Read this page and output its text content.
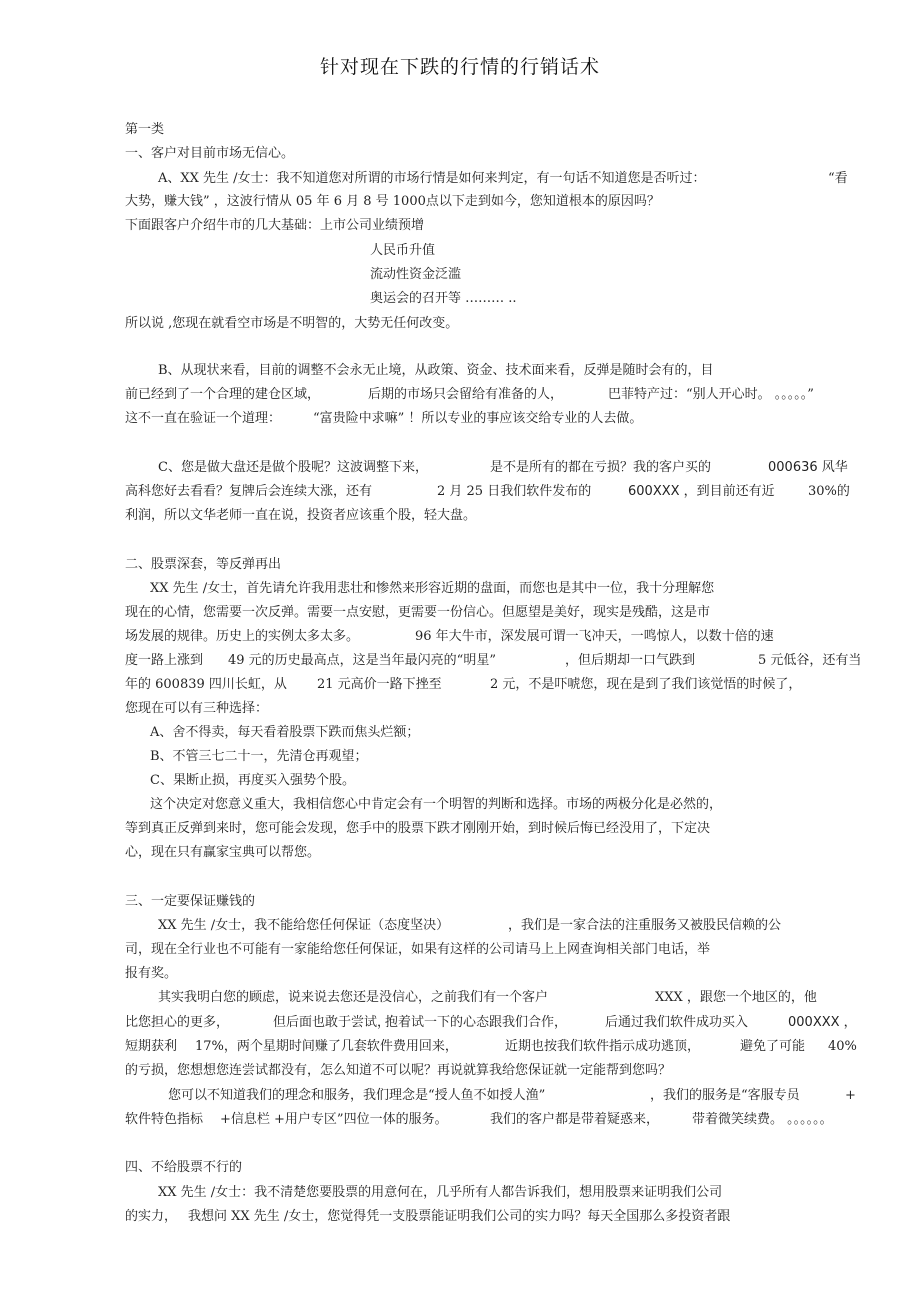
针对现在下跌的行情的行销话术
第一类
一、客户对目前市场无信心。
A、XX 先生 /女士：我不知道您对所谓的市场行情是如何来判定，有一句话不知道您是否听过：	“看
大势，赚大钱” ，这波行情从 05 年 6 月 8 号 1000点以下走到如今，您知道根本的原因吗？
下面跟客户介绍牛市的几大基础：上市公司业绩预增
人民币升值
流动性资金泛滥
奥运会的召开等 ……… ..
所以说 ,您现在就看空市场是不明智的，大势无任何改变。
B、从现状来看，目前的调整不会永无止境，从政策、资金、技术面来看，反弹是随时会有的，目
前已经到了一个合理的建仓区域，	后期的市场只会留给有准备的人，	巴菲特产过：“别人开心时。 。。。。。”
这不一直在验证一个道理： “富贵险中求嘛” ！所以专业的事应该交给专业的人去做。
C、您是做大盘还是做个股呢？这波调整下来，	是不是所有的都在亏损？我的客户买的	000636 风华
高科您好去看看？复牌后会连续大涨，还有	2 月 25 日我们软件发布的	600XXX ，到目前还有近	30%的
利润，所以文华老师一直在说，投资者应该重个股，轻大盘。
二、股票深套，等反弹再出
XX 先生 /女士，首先请允许我用悲壮和惨然来形容近期的盘面，而您也是其中一位，我十分理解您
现在的心情，您需要一次反弹。需要一点安慰，更需要一份信心。但愿望是美好，现实是残酷，这是市
场发展的规律。历史上的实例太多太多。	96 年大牛市，深发展可谓一飞冲天，一鸣惊人，以数十倍的速
度一路上涨到 49 元的历史最高点，这是当年最闪亮的“明星”	，但后期却一口气跌到	5 元低谷，还有当
年的 600839 四川长虹，从 21 元高价一路下挫至	2 元，不是吓唬您，现在是到了我们该觉悟的时候了，
您现在可以有三种选择：
A、舍不得卖，每天看着股票下跌而焦头烂额；
B、不管三七二十一，先清仓再观望；
C、果断止损，再度买入强势个股。
这个决定对您意义重大，我相信您心中肯定会有一个明智的判断和选择。市场的两极分化是必然的，
等到真正反弹到来时，您可能会发现，您手中的股票下跌才刚刚开始，到时候后悔已经没用了，下定决
心，现在只有赢家宝典可以帮您。
三、一定要保证赚钱的
XX 先生 /女士，我不能给您任何保证（态度坚决）	，我们是一家合法的注重服务又被股民信赖的公
司，现在全行业也不可能有一家能给您任何保证，如果有这样的公司请马上上网查询相关部门电话，举
报有奖。
其实我明白您的顾虑，说来说去您还是没信心，之前我们有一个客户	XXX ，跟您一个地区的，他
比您担心的更多，	但后面也敢于尝试，
抱着试一下的心态跟我们合作，	后通过我们软件成功买入	000XXX ，
短期获利 17%，两个星期时间赚了几套软件费用回来，	近期也按我们软件指示成功逃顶，	避免了可能 40%
的亏损，您想想您连尝试都没有，怎么知道不可以呢？再说就算我给您保证就一定能帮到您吗？
您可以不知道我们的理念和服务，我们理念是“授人鱼不如授人渔”	，我们的服务是“客服专员	+
软件特色指标 +信息栏 +用户专区”四位一体的服务。	我们的客户都是带着疑惑来，	带着微笑续费。 。。。。。。
四、不给股票不行的
XX 先生 /女士：我不清楚您要股票的用意何在，几乎所有人都告诉我们，想用股票来证明我们公司
的实力， 我想问 XX 先生 /女士，您觉得凭一支股票能证明我们公司的实力吗？每天全国那么多投资者跟
